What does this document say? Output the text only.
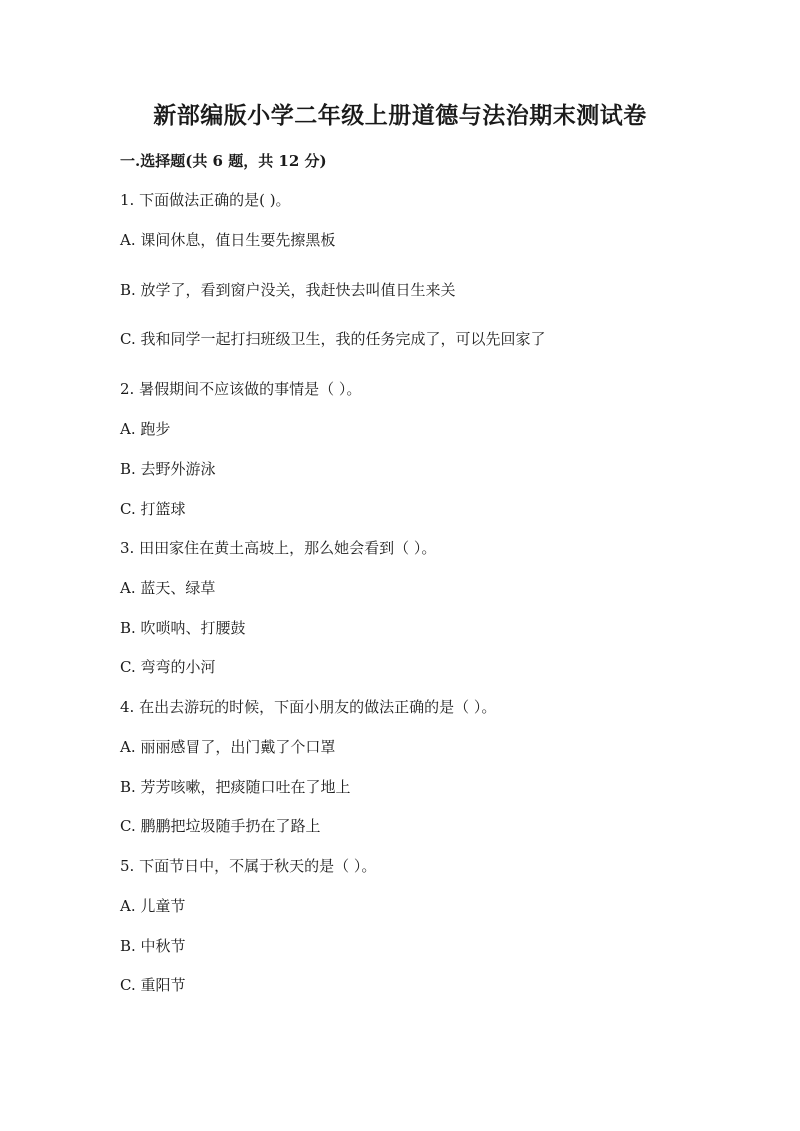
新部编版小学二年级上册道德与法治期末测试卷
一.选择题(共 6 题，共 12 分)
1. 下面做法正确的是( )。
A. 课间休息，值日生要先擦黑板
B. 放学了，看到窗户没关，我赶快去叫值日生来关
C. 我和同学一起打扫班级卫生，我的任务完成了，可以先回家了
2. 暑假期间不应该做的事情是（ ）。
A. 跑步
B. 去野外游泳
C. 打篮球
3. 田田家住在黄土高坡上，那么她会看到（ ）。
A. 蓝天、绿草
B. 吹唢呐、打腰鼓
C. 弯弯的小河
4. 在出去游玩的时候，下面小朋友的做法正确的是（ ）。
A. 丽丽感冒了，出门戴了个口罩
B. 芳芳咳嗽，把痰随口吐在了地上
C. 鹏鹏把垃圾随手扔在了路上
5. 下面节日中，不属于秋天的是（ ）。
A. 儿童节
B. 中秋节
C. 重阳节
